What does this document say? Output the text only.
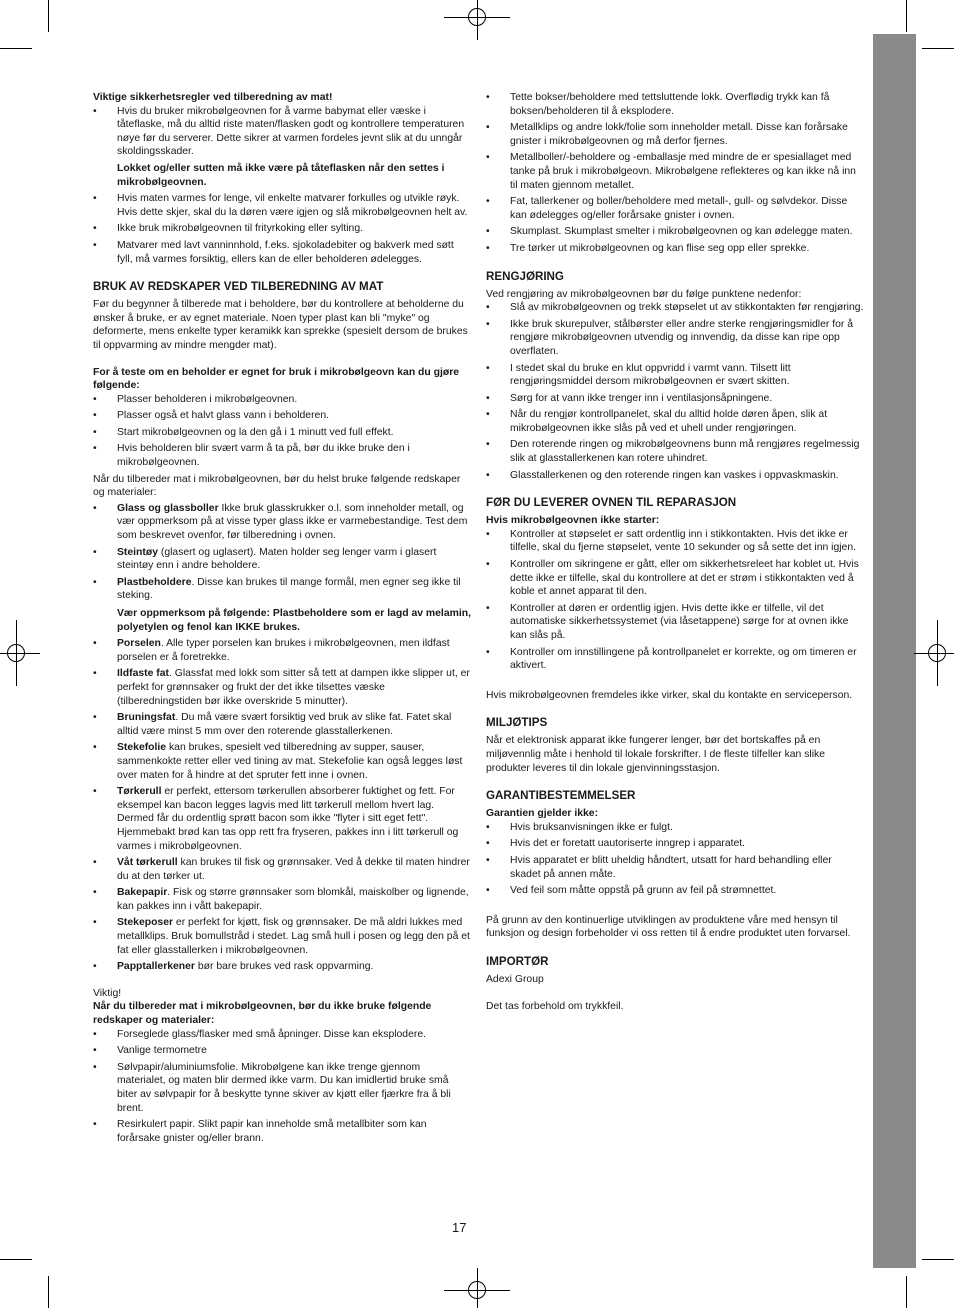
Viktige sikkerhetsregler ved tilberedning av mat!

• Hvis du bruker mikrobølgeovnen for å varme babymat eller væske i tåteflaske, må du alltid riste maten/flasken godt og kontrollere temperaturen nøye før du serverer. Dette sikrer at varmen fordeles jevnt slik at du unngår skoldingsskader.

Lokket og/eller sutten må ikke være på tåteflasken når den settes i mikrobølgeovnen.

• Hvis maten varmes for lenge, vil enkelte matvarer forkulles og utvikle røyk. Hvis dette skjer, skal du la døren være igjen og slå mikrobølgeovnen helt av.
• Ikke bruk mikrobølgeovnen til frityrkoking eller sylting.
• Matvarer med lavt vanninnhold, f.eks. sjokoladebiter og bakverk med søtt fyll, må varmes forsiktig, ellers kan de eller beholderen ødelegges.

BRUK AV REDSKAPER VED TILBEREDNING AV MAT

Før du begynner å tilberede mat i beholdere, bør du kontrollere at beholderne du ønsker å bruke, er av egnet materiale. Noen typer plast kan bli "myke" og deformerte, mens enkelte typer keramikk kan sprekke (spesielt dersom de brukes til oppvarming av mindre mengder mat).

For å teste om en beholder er egnet for bruk i mikrobølgeovn kan du gjøre følgende:

• Plasser beholderen i mikrobølgeovnen.
• Plasser også et halvt glass vann i beholderen.
• Start mikrobølgeovnen og la den gå i 1 minutt ved full effekt.
• Hvis beholderen blir svært varm å ta på, bør du ikke bruke den i mikrobølgeovnen.

Når du tilbereder mat i mikrobølgeovnen, bør du helst bruke følgende redskaper og materialer:

• Glass og glassboller Ikke bruk glasskrukker o.l. som inneholder metall, og vær oppmerksom på at visse typer glass ikke er varmebestandige. Test dem som beskrevet ovenfor, før tilberedning i ovnen.
• Steintøy (glasert og uglasert). Maten holder seg lenger varm i glasert steintøy enn i andre beholdere.
• Plastbeholdere. Disse kan brukes til mange formål, men egner seg ikke til steking.

Vær oppmerksom på følgende: Plastbeholdere som er lagd av melamin, polyetylen og fenol kan IKKE brukes.

• Porselen. Alle typer porselen kan brukes i mikrobølgeovnen, men ildfast porselen er å foretrekke.
• Ildfaste fat. Glassfat med lokk som sitter så tett at dampen ikke slipper ut, er perfekt for grønnsaker og frukt der det ikke tilsettes væske (tilberedningstiden bør ikke overskride 5 minutter).
• Bruningsfat. Du må være svært forsiktig ved bruk av slike fat. Fatet skal alltid være minst 5 mm over den roterende glasstallerkenen.
• Stekefolie kan brukes, spesielt ved tilberedning av supper, sauser, sammenkokte retter eller ved tining av mat. Stekefolie kan også legges løst over maten for å hindre at det spruter fett inne i ovnen.
• Tørkerull er perfekt, ettersom tørkerullen absorberer fuktighet og fett. For eksempel kan bacon legges lagvis med litt tørkerull mellom hvert lag. Dermed får du ordentlig sprøtt bacon som ikke "flyter i sitt eget fett". Hjemmebakt brød kan tas opp rett fra fryseren, pakkes inn i litt tørkerull og varmes i mikrobølgeovnen.
• Våt tørkerull kan brukes til fisk og grønnsaker. Ved å dekke til maten hindrer du at den tørker ut.
• Bakepapir. Fisk og større grønnsaker som blomkål, maiskolber og lignende, kan pakkes inn i vått bakepapir.
• Stekeposer er perfekt for kjøtt, fisk og grønnsaker. De må aldri lukkes med metallklips. Bruk bomullstråd i stedet. Lag små hull i posen og legg den på et fat eller glasstallerken i mikrobølgeovnen.
• Papptallerkener bør bare brukes ved rask oppvarming.

Viktig!

Når du tilbereder mat i mikrobølgeovnen, bør du ikke bruke følgende redskaper og materialer:

• Forseglede glass/flasker med små åpninger. Disse kan eksplodere.
• Vanlige termometre
• Sølvpapir/aluminiumsfolie. Mikrobølgene kan ikke trenge gjennom materialet, og maten blir dermed ikke varm. Du kan imidlertid bruke små biter av sølvpapir for å beskytte tynne skiver av kjøtt eller fjærkre fra å bli brent.
• Resirkulert papir. Slikt papir kan inneholde små metallbiter som kan forårsake gnister og/eller brann.
• Tette bokser/beholdere med tettsluttende lokk. Overflødig trykk kan få boksen/beholderen til å eksplodere.
• Metallklips og andre lokk/folie som inneholder metall. Disse kan forårsake gnister i mikrobølgeovnen og må derfor fjernes.
• Metallboller/-beholdere og -emballasje med mindre de er spesiallaget med tanke på bruk i mikrobølgeovn. Mikrobølgene reflekteres og kan ikke nå inn til maten gjennom metallet.
• Fat, tallerkener og boller/beholdere med metall-, gull- og sølvdekor. Disse kan ødelegges og/eller forårsake gnister i ovnen.
• Skumplast. Skumplast smelter i mikrobølgeovnen og kan ødelegge maten.
• Tre tørker ut mikrobølgeovnen og kan flise seg opp eller sprekke.

RENGJØRING

Ved rengjøring av mikrobølgeovnen bør du følge punktene nedenfor:

• Slå av mikrobølgeovnen og trekk støpselet ut av stikkontakten før rengjøring.
• Ikke bruk skurepulver, stålbørster eller andre sterke rengjøringsmidler for å rengjøre mikrobølgeovnen utvendig og innvendig, da disse kan ripe opp overflaten.
• I stedet skal du bruke en klut oppvridd i varmt vann. Tilsett litt rengjøringsmiddel dersom mikrobølgeovnen er svært skitten.
• Sørg for at vann ikke trenger inn i ventilasjonsåpningene.
• Når du rengjør kontrollpanelet, skal du alltid holde døren åpen, slik at mikrobølgeovnen ikke slås på ved et uhell under rengjøringen.
• Den roterende ringen og mikrobølgeovnens bunn må rengjøres regelmessig slik at glasstallerkenen kan rotere uhindret.
• Glasstallerkenen og den roterende ringen kan vaskes i oppvaskmaskin.

FØR DU LEVERER OVNEN TIL REPARASJON

Hvis mikrobølgeovnen ikke starter:

• Kontroller at støpselet er satt ordentlig inn i stikkontakten. Hvis det ikke er tilfelle, skal du fjerne støpselet, vente 10 sekunder og så sette det inn igjen.
• Kontroller om sikringene er gått, eller om sikkerhetsreleet har koblet ut. Hvis dette ikke er tilfelle, skal du kontrollere at det er strøm i stikkontakten ved å koble et annet apparat til den.
• Kontroller at døren er ordentlig igjen. Hvis dette ikke er tilfelle, vil det automatiske sikkerhetssystemet (via låsetappene) sørge for at ovnen ikke kan slås på.
• Kontroller om innstillingene på kontrollpanelet er korrekte, og om timeren er aktivert.

Hvis mikrobølgeovnen fremdeles ikke virker, skal du kontakte en serviceperson.

MILJØTIPS

Når et elektronisk apparat ikke fungerer lenger, bør det bortskaffes på en miljøvennlig måte i henhold til lokale forskrifter. I de fleste tilfeller kan slike produkter leveres til din lokale gjenvinningsstasjon.

GARANTIBESTEMMELSER

Garantien gjelder ikke:

• Hvis bruksanvisningen ikke er fulgt.
• Hvis det er foretatt uautoriserte inngrep i apparatet.
• Hvis apparatet er blitt uheldig håndtert, utsatt for hard behandling eller skadet på annen måte.
• Ved feil som måtte oppstå på grunn av feil på strømnettet.

På grunn av den kontinuerlige utviklingen av produktene våre med hensyn til funksjon og design forbeholder vi oss retten til å endre produktet uten forvarsel.

IMPORTØR

Adexi Group

Det tas forbehold om trykkfeil.

17
